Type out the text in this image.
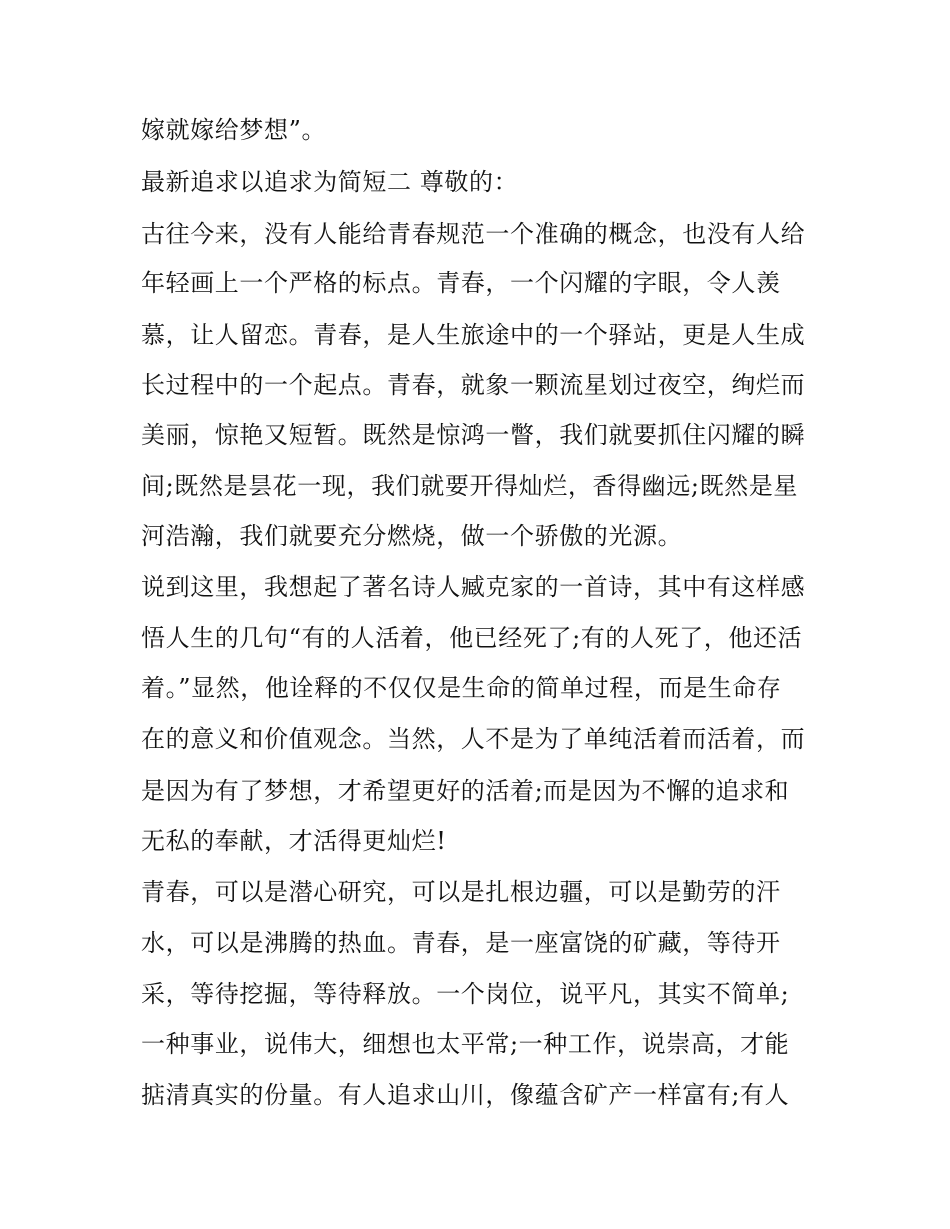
嫁就嫁给梦想”。
最新追求以追求为简短二 尊敬的：
古往今来，没有人能给青春规范一个准确的概念，也没有人给
年轻画上一个严格的标点。青春，一个闪耀的字眼，令人羡
慕，让人留恋。青春，是人生旅途中的一个驿站，更是人生成
长过程中的一个起点。青春，就象一颗流星划过夜空，绚烂而
美丽，惊艳又短暂。既然是惊鸿一瞥，我们就要抓住闪耀的瞬
间;既然是昙花一现，我们就要开得灿烂，香得幽远;既然是星
河浩瀚，我们就要充分燃烧，做一个骄傲的光源。
说到这里，我想起了著名诗人臧克家的一首诗，其中有这样感
悟人生的几句“有的人活着，他已经死了;有的人死了，他还活
着。”显然，他诠释的不仅仅是生命的简单过程，而是生命存
在的意义和价值观念。当然，人不是为了单纯活着而活着，而
是因为有了梦想，才希望更好的活着;而是因为不懈的追求和
无私的奉献，才活得更灿烂!
青春，可以是潜心研究，可以是扎根边疆，可以是勤劳的汗
水，可以是沸腾的热血。青春，是一座富饶的矿藏，等待开
采，等待挖掘，等待释放。一个岗位，说平凡，其实不简单;
一种事业，说伟大，细想也太平常;一种工作，说崇高，才能
掂清真实的份量。有人追求山川，像蕴含矿产一样富有;有人
